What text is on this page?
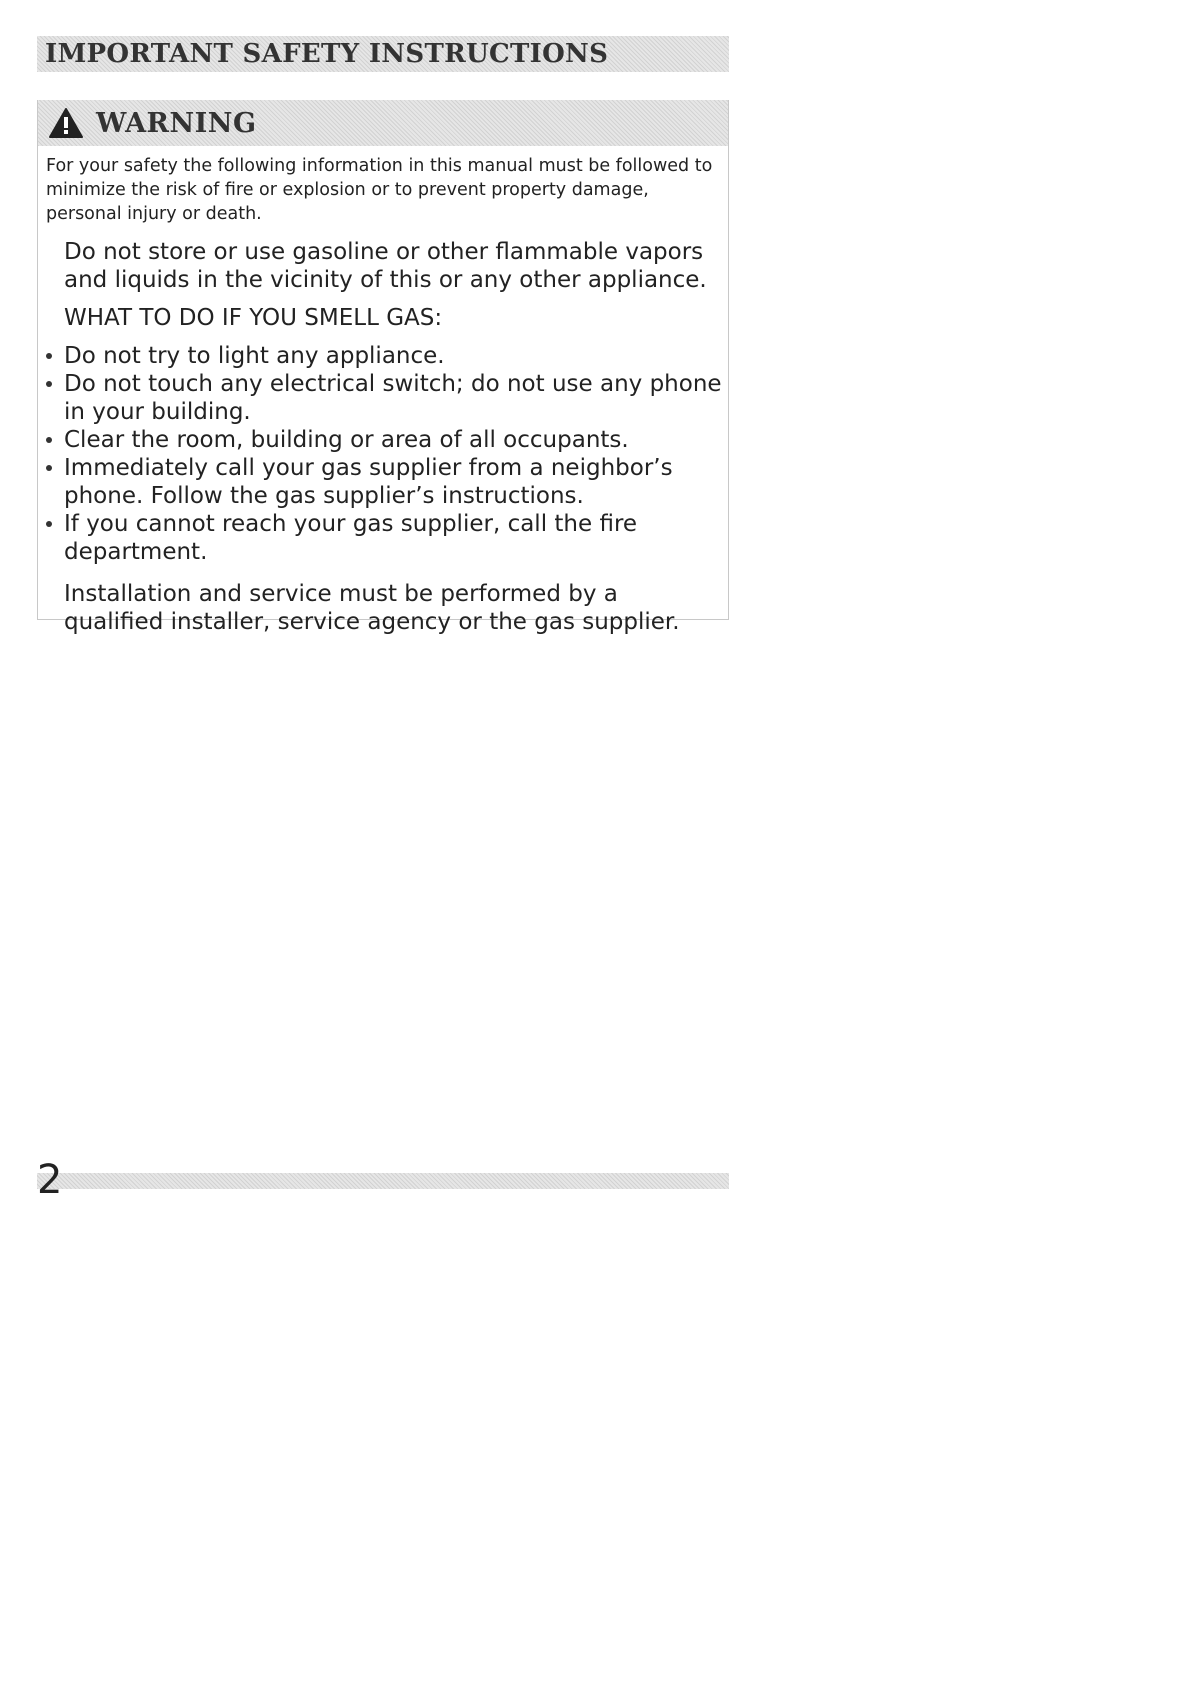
IMPORTANT SAFETY INSTRUCTIONS
WARNING
For your safety the following information in this manual must be followed to minimize the risk of fire or explosion or to prevent property damage, personal injury or death.
Do not store or use gasoline or other flammable vapors and liquids in the vicinity of this or any other appliance.
WHAT TO DO IF YOU SMELL GAS:
Do not try to light any appliance.
Do not touch any electrical switch; do not use any phone in your building.
Clear the room, building or area of all occupants.
Immediately call your gas supplier from a neighbor’s phone. Follow the gas supplier’s instructions.
If you cannot reach your gas supplier, call the fire department.
Installation and service must be performed by a qualified installer, service agency or the gas supplier.
2
